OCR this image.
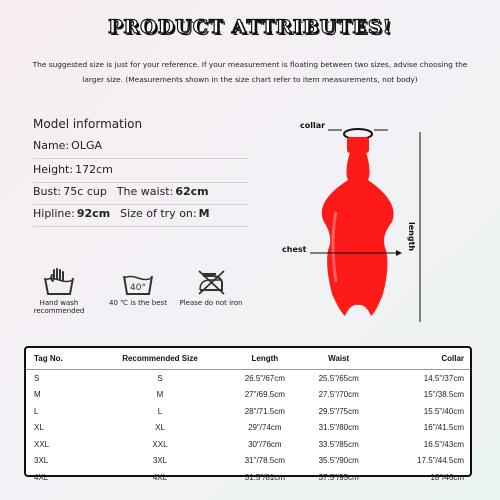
PRODUCT ATTRIBUTES!
The suggested size is just for your reference. If your measurement is floating between two sizes, advise choosing the larger size. (Measurements shown in the size chart refer to item measurements, not body)
Model information
Name: OLGA
Height: 172cm
Bust: 75c cup The waist: 62cm
Hipline: 92cm Size of try on: M
collar
chest	length
Hand wash recommended
40°
40 ℃ is the best	Please do not iron
Tag No.	Recommended Size	Length	Waist	Collar
S	S	26.5"/67cm	25.5"/65cm	14.5"/37cm
M	M	27"/69.5cm	27.5"/70cm	15"/38.5cm
L	L	28"/71.5cm	29.5"/75cm	15.5"/40cm
XL	XL	29"/74cm	31.5"/80cm	16"/41.5cm
XXL	XXL	30"/76cm	33.5"/85cm	16.5"/43cm
3XL	3XL	31"/78.5cm	35.5"/90cm	17.5"/44.5cm
4XL	4XL	31.5"/81cm	37.5"/95cm	18"/46cm
